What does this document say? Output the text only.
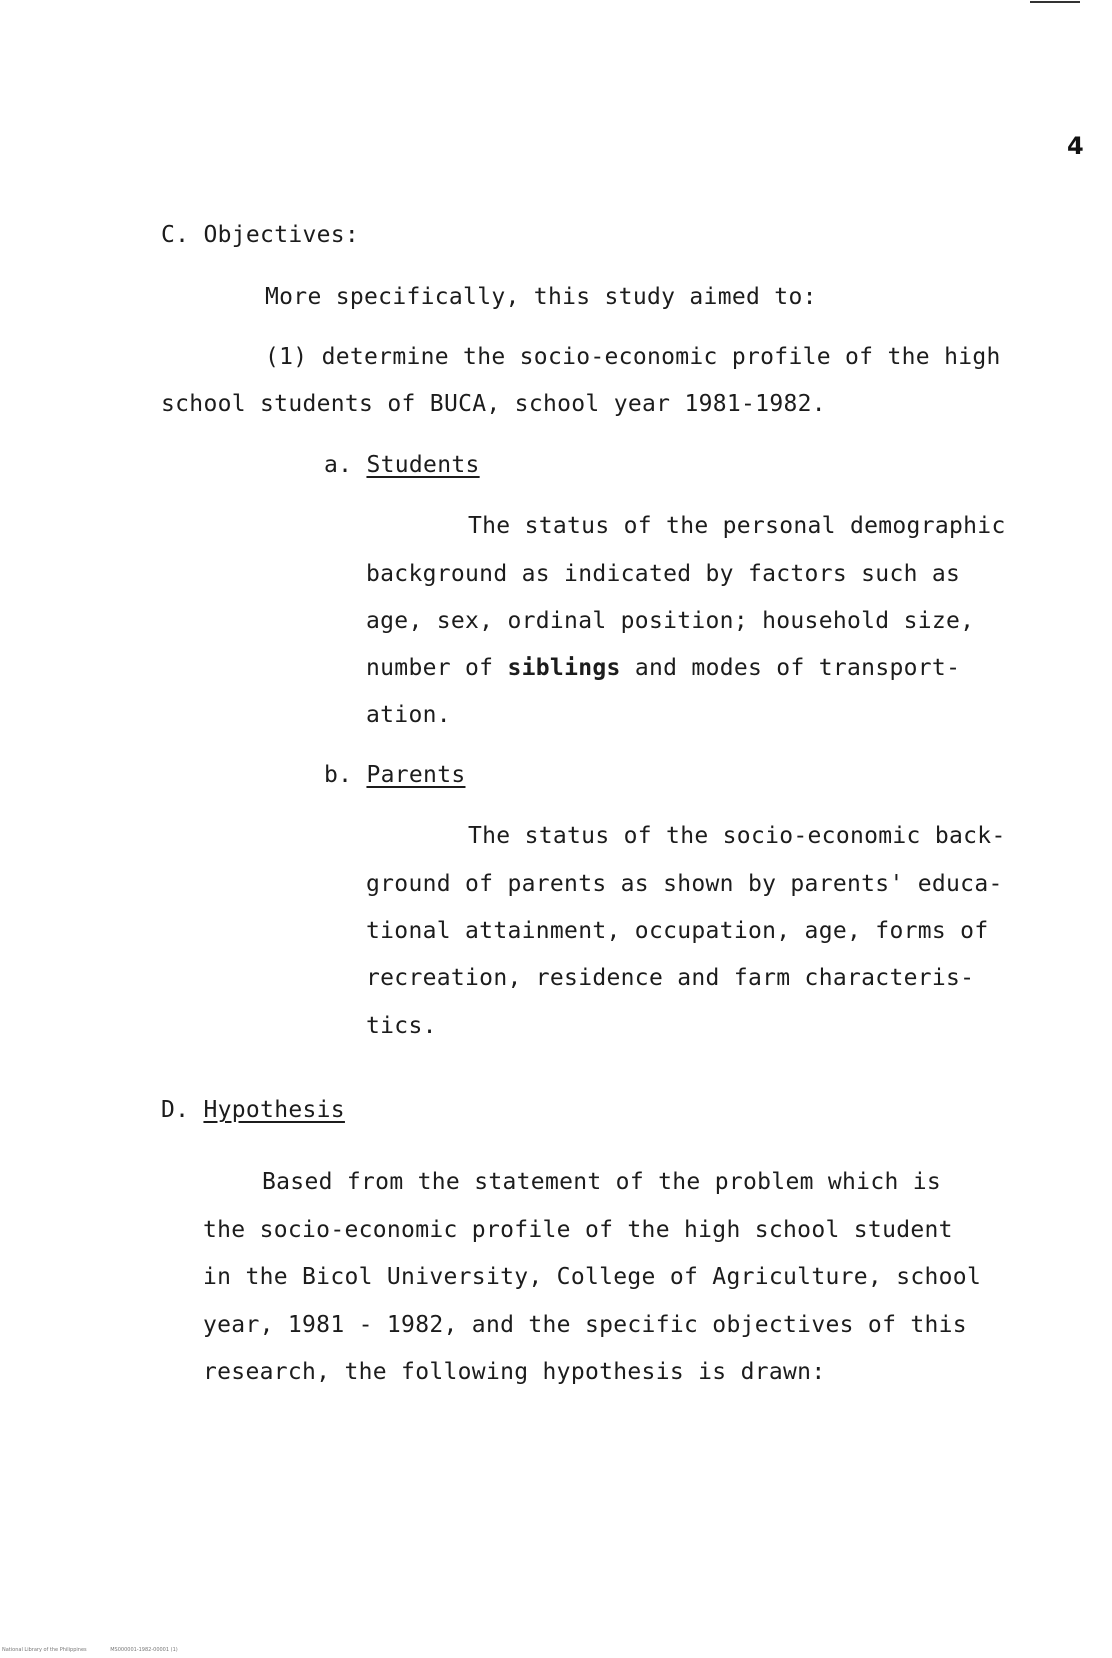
4
C. Objectives:
More specifically, this study aimed to:
(1) determine the socio-economic profile of the high
school students of BUCA, school year 1981-1982.
a. Students
The status of the personal demographic
background as indicated by factors such as
age, sex, ordinal position; household size,
number of siblings and modes of transport-
ation.
b. Parents
The status of the socio-economic back-
ground of parents as shown by parents' educa-
tional attainment, occupation, age, forms of
recreation, residence and farm characteris-
tics.
D. Hypothesis
Based from the statement of the problem which is
the socio-economic profile of the high school student
in the Bicol University, College of Agriculture, school
year, 1981 - 1982, and the specific objectives of this
research, the following hypothesis is drawn:
National Library of the Philippines	MS000001-1982-00001 (1)
